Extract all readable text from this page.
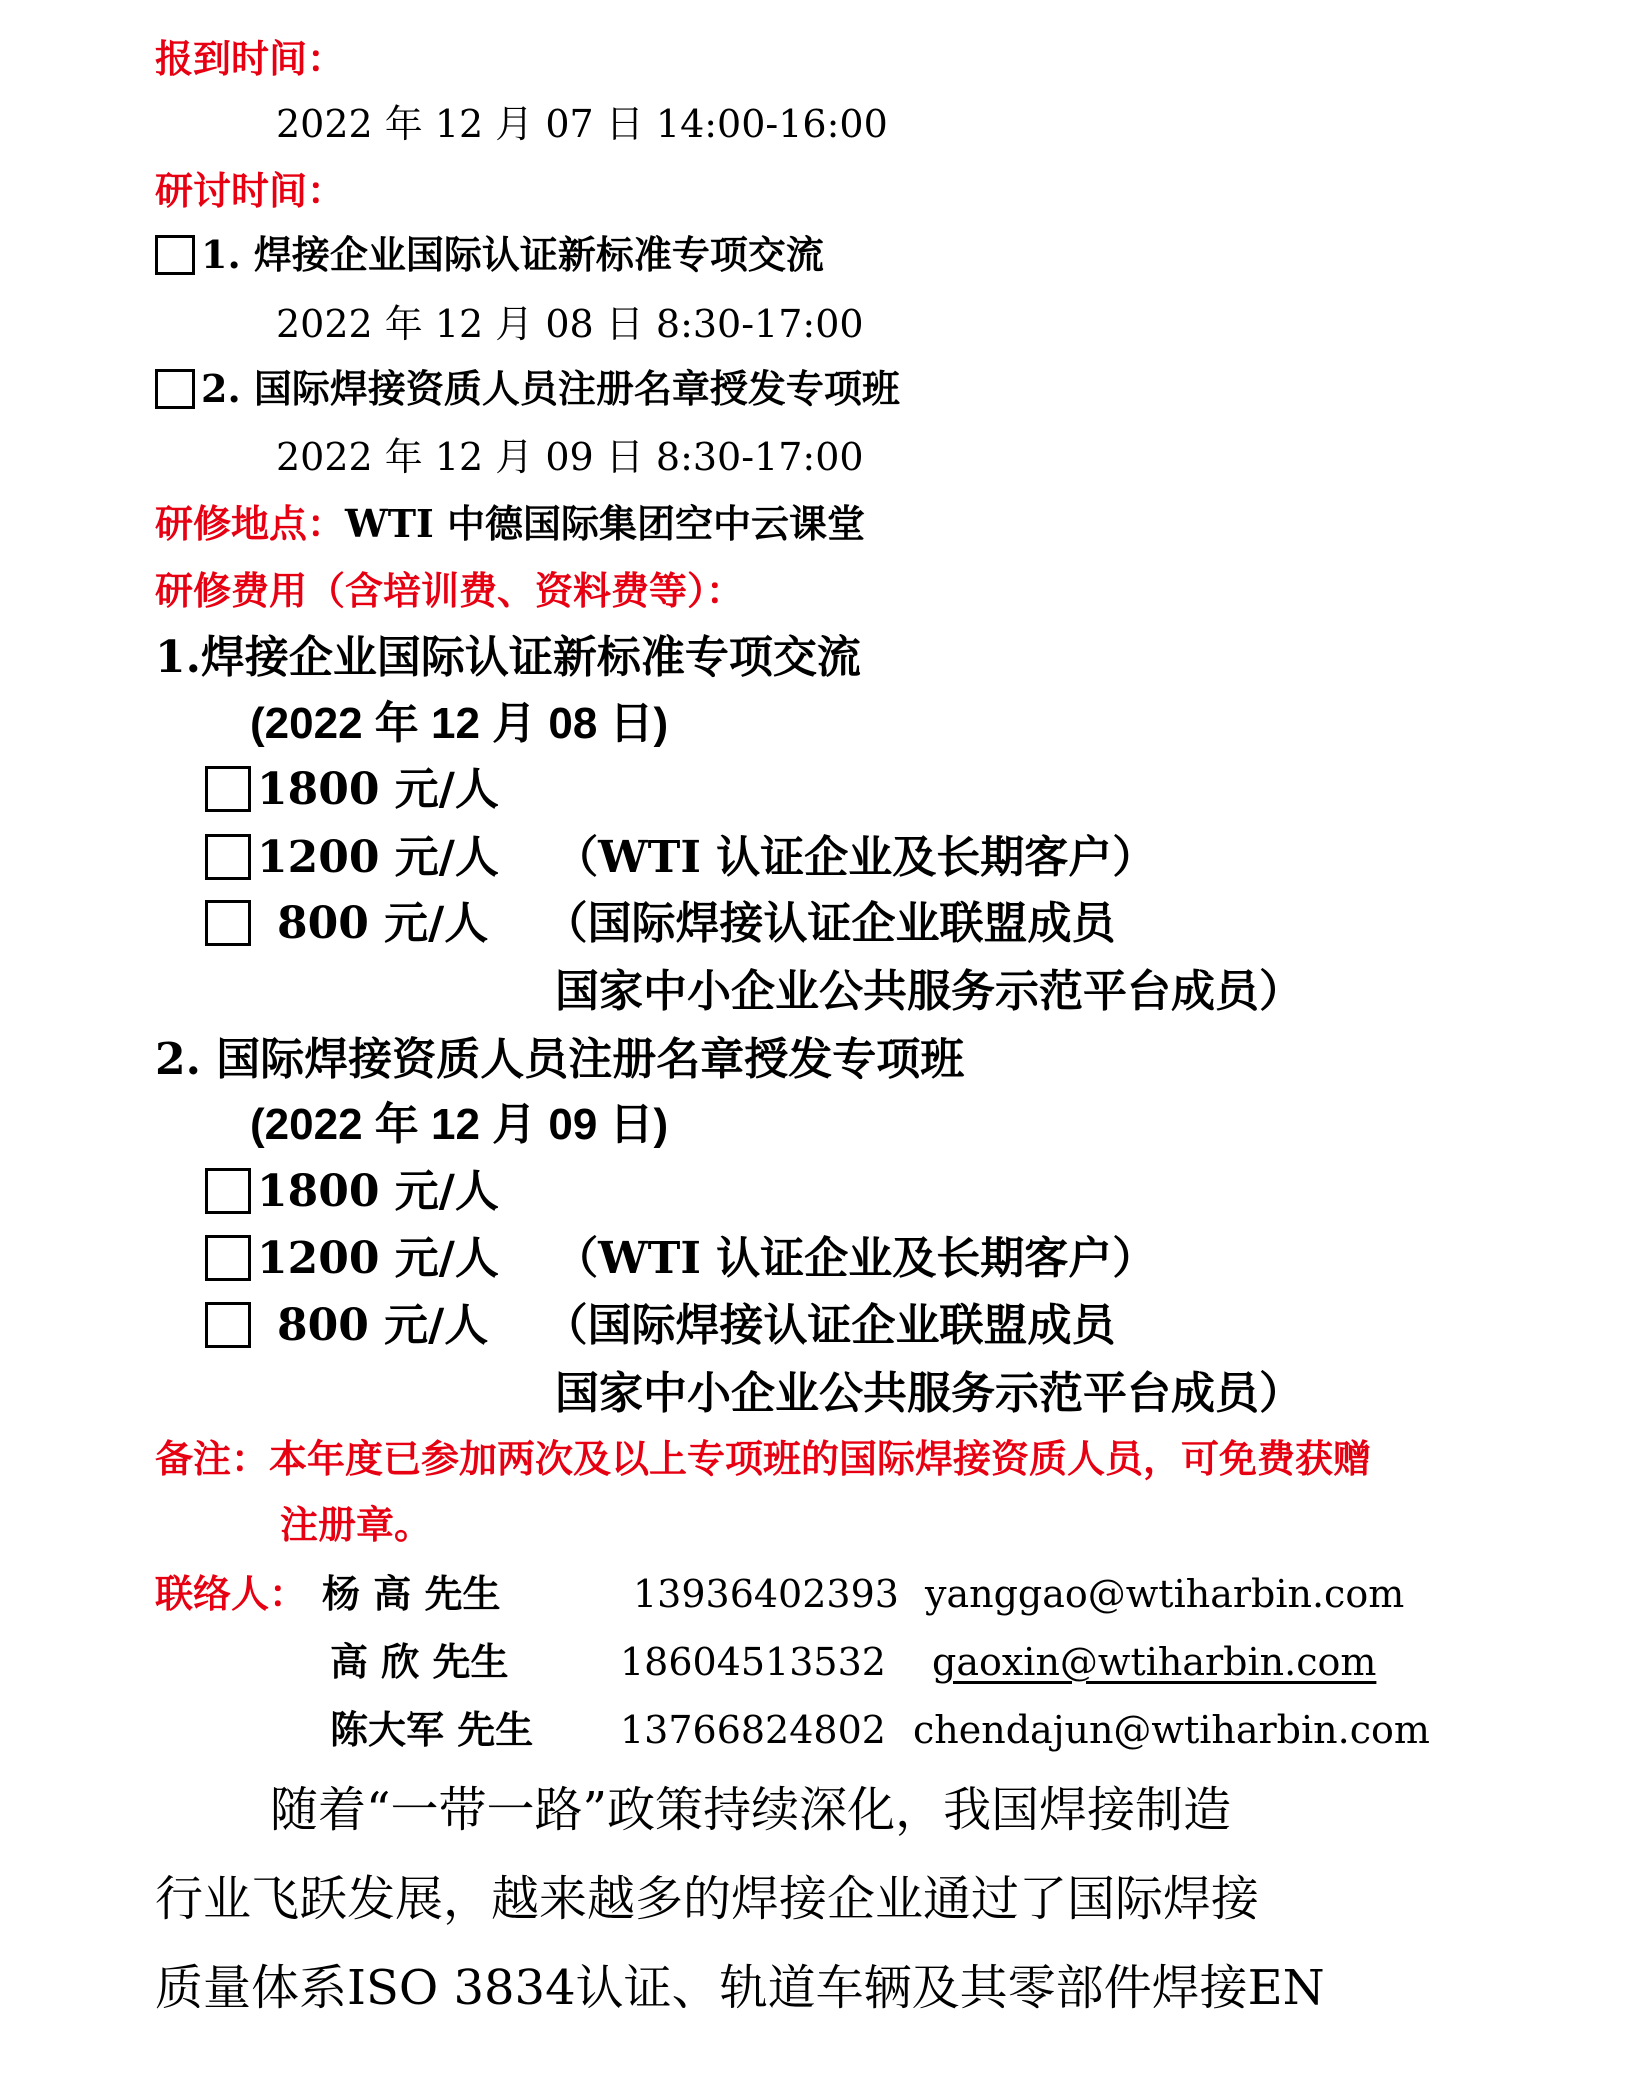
报到时间：
2022 年 12 月 07 日 14:00-16:00
研讨时间：
1. 焊接企业国际认证新标准专项交流
2022 年 12 月 08 日 8:30-17:00
2. 国际焊接资质人员注册名章授发专项班
2022 年 12 月 09 日 8:30-17:00
研修地点：WTI 中德国际集团空中云课堂
研修费用（含培训费、资料费等）：
1.焊接企业国际认证新标准专项交流
(2022 年 12 月 08 日)
1800 元/人
1200 元/人 （WTI 认证企业及长期客户）
800 元/人 （国际焊接认证企业联盟成员
国家中小企业公共服务示范平台成员）
2. 国际焊接资质人员注册名章授发专项班
(2022 年 12 月 09 日)
1800 元/人
1200 元/人 （WTI 认证企业及长期客户）
800 元/人 （国际焊接认证企业联盟成员
国家中小企业公共服务示范平台成员）
备注：本年度已参加两次及以上专项班的国际焊接资质人员，可免费获赠
注册章。
联络人： 杨 高 先生	13936402393 yanggao@wtiharbin.com
高 欣 先生	18604513532 gaoxin@wtiharbin.com
陈大军 先生 13766824802 chendajun@wtiharbin.com
随着“一带一路”政策持续深化，我国焊接制造
行业飞跃发展，越来越多的焊接企业通过了国际焊接
质量体系ISO 3834认证、轨道车辆及其零部件焊接EN
